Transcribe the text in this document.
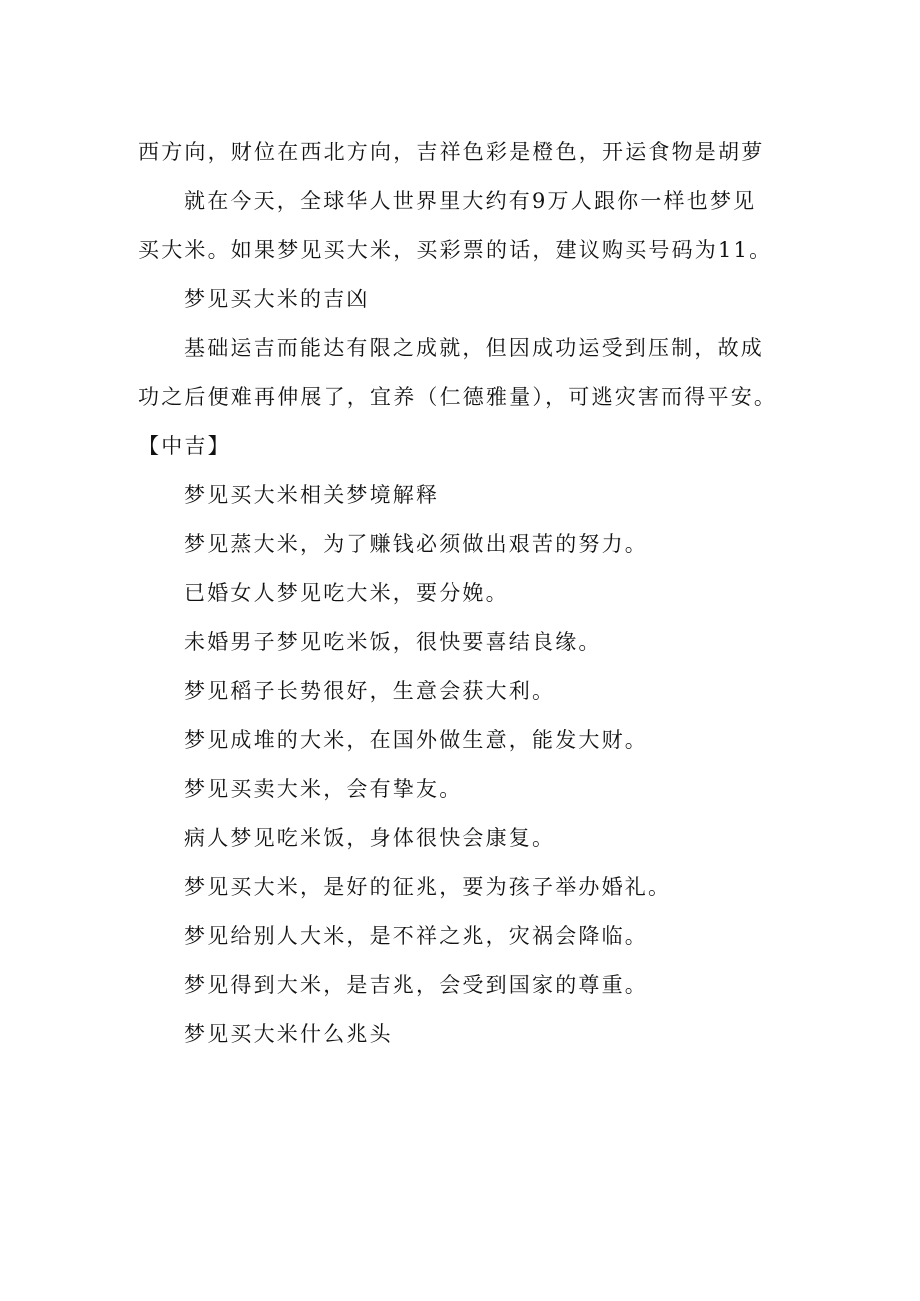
西方向，财位在西北方向，吉祥色彩是橙色，开运食物是胡萝

就在今天，全球华人世界里大约有9万人跟你一样也梦见买大米。如果梦见买大米，买彩票的话，建议购买号码为11。

梦见买大米的吉凶

基础运吉而能达有限之成就，但因成功运受到压制，故成功之后便难再伸展了，宜养（仁德雅量），可逃灾害而得平安。【中吉】

梦见买大米相关梦境解释

梦见蒸大米，为了赚钱必须做出艰苦的努力。

已婚女人梦见吃大米，要分娩。

未婚男子梦见吃米饭，很快要喜结良缘。

梦见稻子长势很好，生意会获大利。

梦见成堆的大米，在国外做生意，能发大财。

梦见买卖大米，会有挚友。

病人梦见吃米饭，身体很快会康复。

梦见买大米，是好的征兆，要为孩子举办婚礼。

梦见给别人大米，是不祥之兆，灾祸会降临。

梦见得到大米，是吉兆，会受到国家的尊重。

梦见买大米什么兆头
